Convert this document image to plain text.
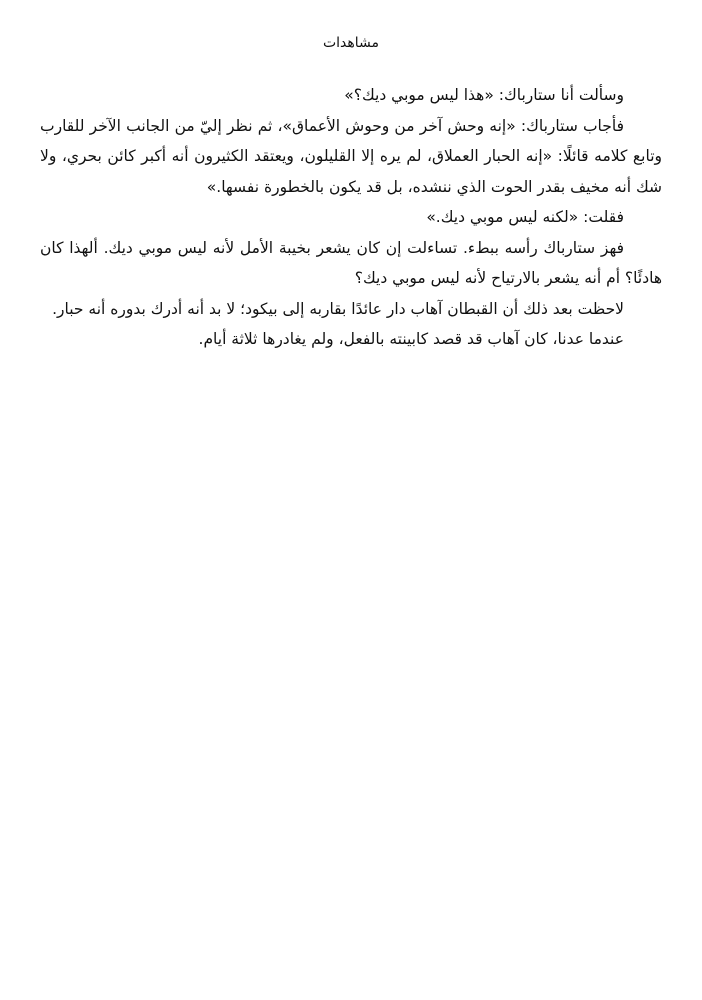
مشاهدات

وسألت أنا ستارباك: «هذا ليس موبي ديك؟»

فأجاب ستارباك: «إنه وحش آخر من وحوش الأعماق»، ثم نظر إليّ من الجانب الآخر للقارب وتابع كلامه قائلًا: «إنه الحبار العملاق، لم يره إلا القليلون، ويعتقد الكثيرون أنه أكبر كائن بحري، ولا شك أنه مخيف بقدر الحوت الذي ننشده، بل قد يكون بالخطورة نفسها.»

فقلت: «لكنه ليس موبي ديك.»

فهز ستارباك رأسه ببطء. تساءلت إن كان يشعر بخيبة الأمل لأنه ليس موبي ديك. ألهذا كان هادئًا؟ أم أنه يشعر بالارتياح لأنه ليس موبي ديك؟

لاحظت بعد ذلك أن القبطان آهاب دار عائدًا بقاربه إلى بيكود؛ لا بد أنه أدرك بدوره أنه حبار.

عندما عدنا، كان آهاب قد قصد كابينته بالفعل، ولم يغادرها ثلاثة أيام.
